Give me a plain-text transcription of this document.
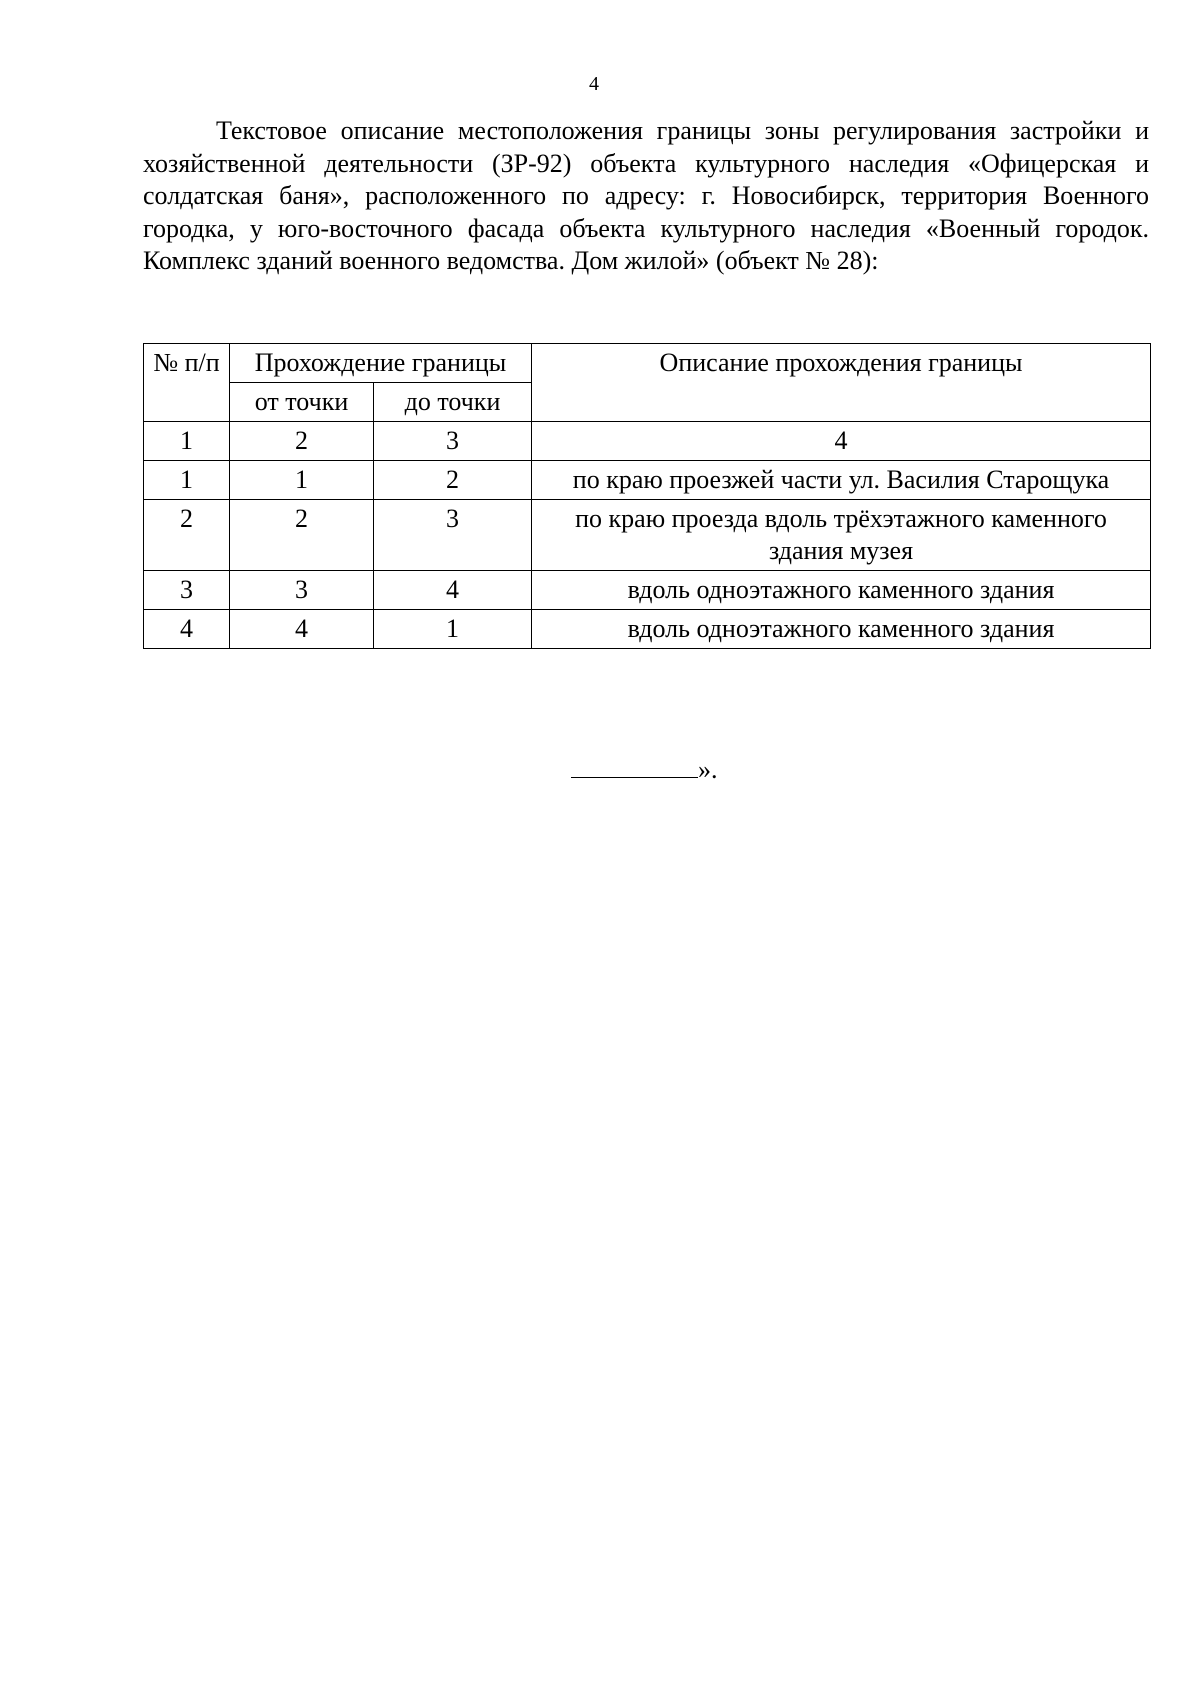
4

Текстовое описание местоположения границы зоны регулирования застройки и хозяйственной деятельности (ЗР-92) объекта культурного наследия «Офицерская и солдатская баня», расположенного по адресу: г. Новосибирск, территория Военного городка, у юго-восточного фасада объекта культурного наследия «Военный городок. Комплекс зданий военного ведомства. Дом жилой» (объект № 28):

№ п/п	Прохождение границы		Описание прохождения границы
	от точки	до точки	
1	2	3	4
1	1	2	по краю проезжей части ул. Василия Старощука
2	2	3	по краю проезда вдоль трёхэтажного каменного здания музея
3	3	4	вдоль одноэтажного каменного здания
4	4	1	вдоль одноэтажного каменного здания
».
